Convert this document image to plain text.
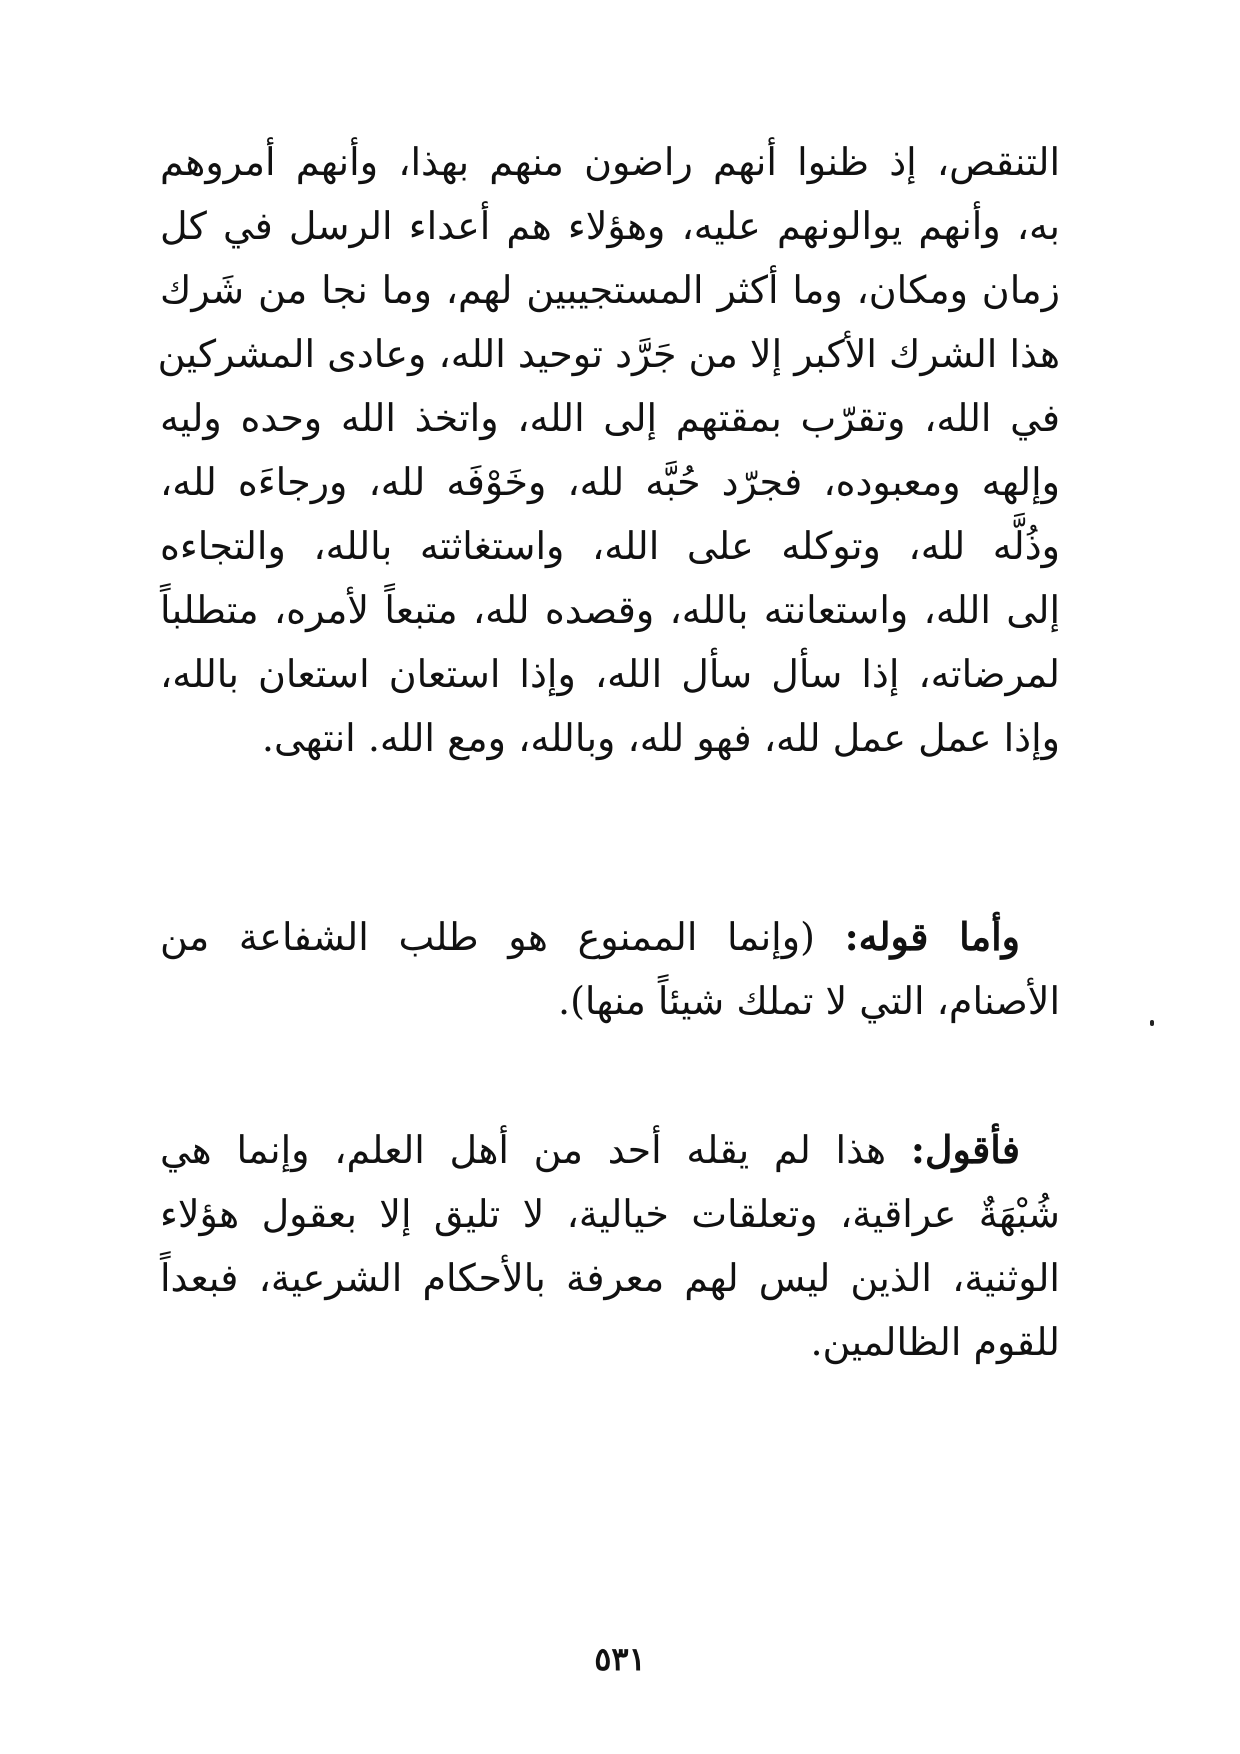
التنقص، إذ ظنوا أنهم راضون منهم بهذا، وأنهم أمروهم
به، وأنهم يوالونهم عليه، وهؤلاء هم أعداء الرسل في كل
زمان ومكان، وما أكثر المستجيبين لهم، وما نجا من شَرك
هذا الشرك الأكبر إلا من جَرَّد توحيد الله، وعادى المشركين
في الله، وتقرّب بمقتهم إلى الله، واتخذ الله وحده وليه
وإلهه ومعبوده، فجرّد حُبَّه لله، وخَوْفَه لله، ورجاءَه لله،
وذُلَّه لله، وتوكله على الله، واستغاثته بالله، والتجاءه
إلى الله، واستعانته بالله، وقصده لله، متبعاً لأمره، متطلباً
لمرضاته، إذا سأل سأل الله، وإذا استعان استعان بالله،
وإذا عمل عمل لله، فهو لله، وبالله، ومع الله. انتهى.
وأما قوله: (وإنما الممنوع هو طلب الشفاعة من
الأصنام، التي لا تملك شيئاً منها).
فأقول: هذا لم يقله أحد من أهل العلم، وإنما هي
شُبْهَةٌ عراقية، وتعلقات خيالية، لا تليق إلا بعقول هؤلاء
الوثنية، الذين ليس لهم معرفة بالأحكام الشرعية، فبعداً
للقوم الظالمين.
٥٣١
